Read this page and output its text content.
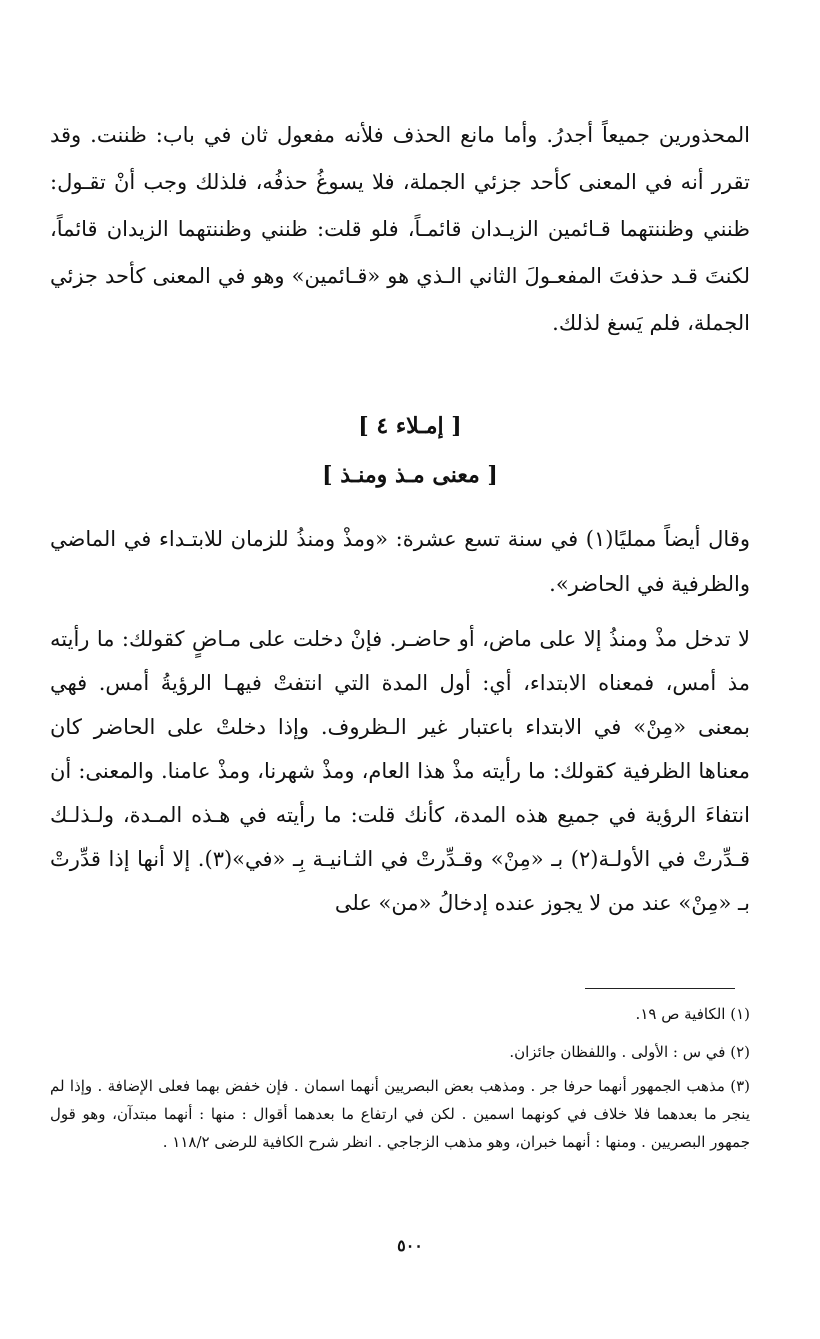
المحذورين جميعاً أجدرُ. وأما مانع الحذف فلأنه مفعول ثان في باب: ظننت. وقد تقرر أنه في المعنى كأحد جزئي الجملة، فلا يسوغُ حذفُه، فلذلك وجب أنْ تقـول: ظنني وظننتهما قـائمين الزيـدان قائمـاً، فلو قلت: ظنني وظننتهما الزيدان قائماً، لكنتَ قـد حذفتَ المفعـولَ الثاني الـذي هو «قـائمين» وهو في المعنى كأحد جزئي الجملة، فلم يَسغ لذلك.

[ إمـلاء ٤ ]
[ معنى مـذ ومنـذ ]

وقال أيضاً ممليًا(١) في سنة تسع عشرة: «ومذْ ومنذُ للزمان للابتـداء في الماضي والظرفية في الحاضر».

لا تدخل مذْ ومنذُ إلا على ماض، أو حاضـر. فإنْ دخلت على مـاضٍ كقولك: ما رأيته مذ أمس، فمعناه الابتداء، أي: أول المدة التي انتفتْ فيهـا الرؤيةُ أمس. فهي بمعنى «مِنْ» في الابتداء باعتبار غير الـظروف. وإذا دخلتْ على الحاضر كان معناها الظرفية كقولك: ما رأيته مذْ هذا العام، ومذْ شهرنا، ومذْ عامنا. والمعنى: أن انتفاءَ الرؤية في جميع هذه المدة، كأنك قلت: ما رأيته في هـذه المـدة، ولـذلـك قـدِّرتْ في الأولـة(٢) بـ «مِنْ» وقـدِّرتْ في الثـانيـة بِـ «في»(٣). إلا أنها إذا قدِّرتْ بـ «مِنْ» عند من لا يجوز عنده إدخالُ «من» على

(١) الكافية ص ١٩.

(٢) في س : الأولى . واللفظان جائزان.

(٣) مذهب الجمهور أنهما حرفا جر . ومذهب بعض البصريين أنهما اسمان . فإن خفض بهما فعلى الإضافة . وإذا لم ينجر ما بعدهما فلا خلاف في كونهما اسمين . لكن في ارتفاع ما بعدهما أقوال : منها : أنهما مبتدآن، وهو قول جمهور البصريين . ومنها : أنهما خبران، وهو مذهب الزجاجي . انظر شرح الكافية للرضى ١١٨/٢ .

٥٠٠
